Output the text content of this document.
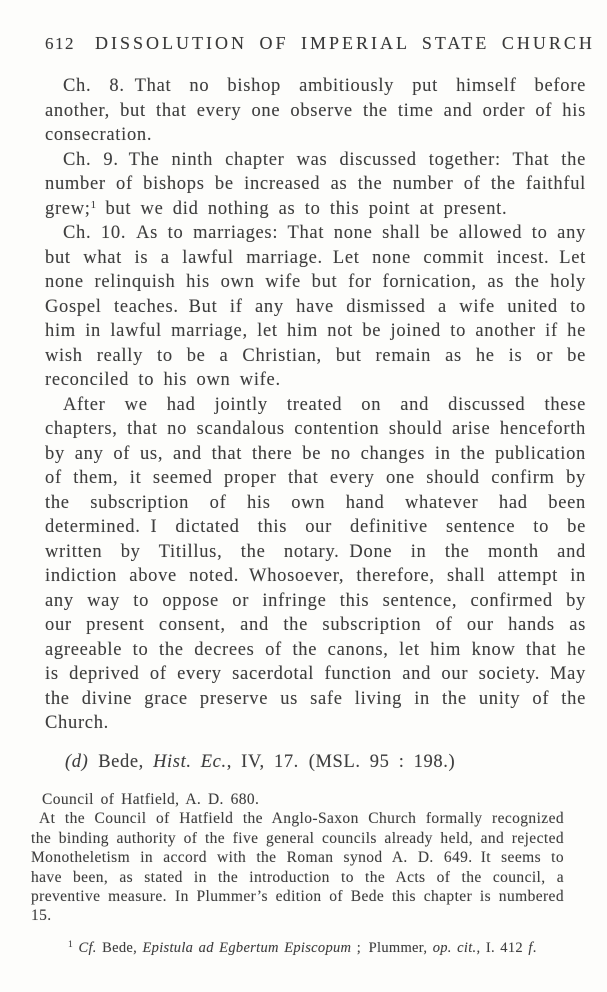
612	DISSOLUTION OF IMPERIAL STATE CHURCH

Ch. 8. That no bishop ambitiously put himself before another, but that every one observe the time and order of his consecration.

Ch. 9. The ninth chapter was discussed together: That the number of bishops be increased as the number of the faithful grew;$^1$ but we did nothing as to this point at present.

Ch. 10. As to marriages: That none shall be allowed to any but what is a lawful marriage. Let none commit incest. Let none relinquish his own wife but for fornication, as the holy Gospel teaches. But if any have dismissed a wife united to him in lawful marriage, let him not be joined to another if he wish really to be a Christian, but remain as he is or be reconciled to his own wife.

After we had jointly treated on and discussed these chapters, that no scandalous contention should arise henceforth by any of us, and that there be no changes in the publication of them, it seemed proper that every one should confirm by the subscription of his own hand whatever had been determined. I dictated this our definitive sentence to be written by Titillus, the notary. Done in the month and indiction above noted. Whosoever, therefore, shall attempt in any way to oppose or infringe this sentence, confirmed by our present consent, and the subscription of our hands as agreeable to the decrees of the canons, let him know that he is deprived of every sacerdotal function and our society. May the divine grace preserve us safe living in the unity of the Church.

(d) Bede, Hist. Ec., IV, 17. (MSL. 95 : 198.)

Council of Hatfield, A. D. 680.

At the Council of Hatfield the Anglo-Saxon Church formally recognized the binding authority of the five general councils already held, and rejected Monotheletism in accord with the Roman synod A. D. 649. It seems to have been, as stated in the introduction to the Acts of the council, a preventive measure. In Plummer’s edition of Bede this chapter is numbered 15.

$^1$ Cf. Bede, Epistula ad Egbertum Episcopum ; Plummer, op. cit., I. 412 f.
